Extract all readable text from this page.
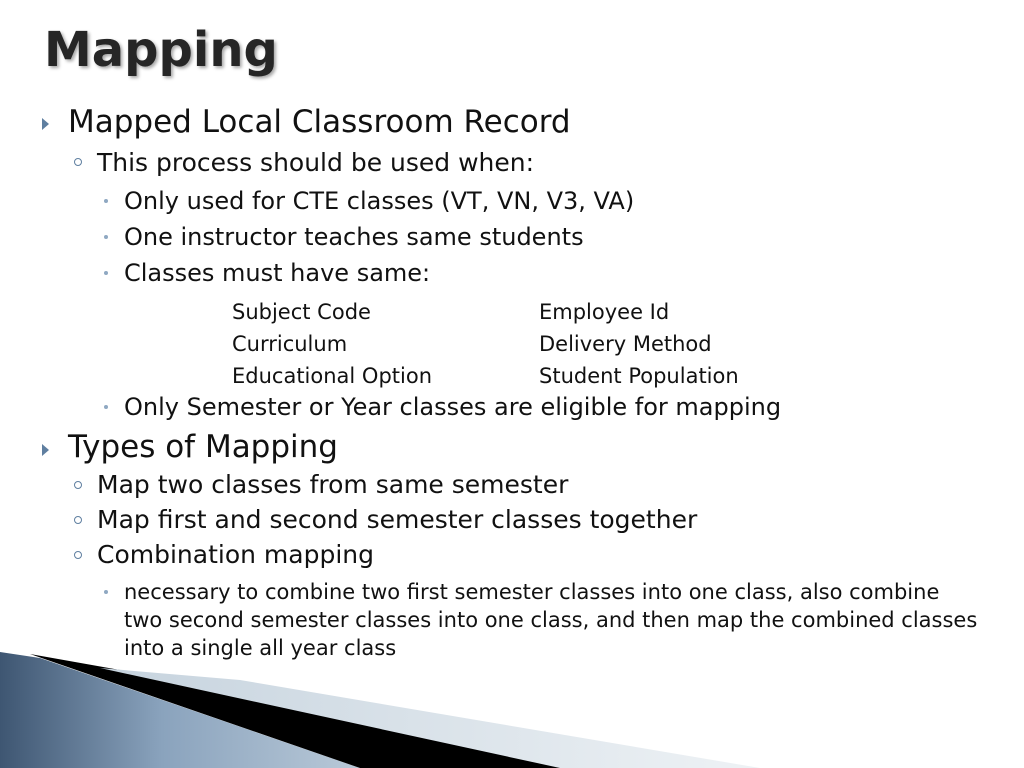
Mapping
Mapped Local Classroom Record
This process should be used when:
Only used for CTE classes (VT, VN, V3, VA)
One instructor teaches same students
Classes must have same:
Subject Code	Employee Id
Curriculum	Delivery Method
Educational Option	Student Population
Only Semester or Year classes are eligible for mapping
Types of Mapping
Map two classes from same semester
Map first and second semester classes together
Combination mapping
necessary to combine two first semester classes into one class, also combine two second semester classes into one class, and then map the combined classes into a single all year class
